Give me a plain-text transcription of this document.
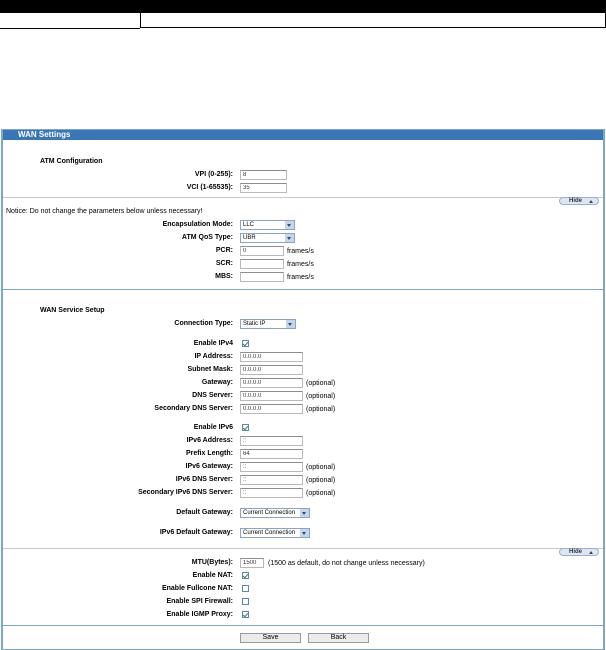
WAN Settings
ATM Configuration
VPI (0-255):
8
VCI (1-65535):
35
Hide
Notice: Do not change the parameters below unless necessary!
Encapsulation Mode:	LLC
ATM QoS Type:	UBR
PCR:
0	frames/s
SCR:	frames/s
MBS:	frames/s
WAN Service Setup
Connection Type:	Static IP
Enable IPv4
IP Address:
0.0.0.0
Subnet Mask:
0.0.0.0
Gateway:
0.0.0.0	(optional)
DNS Server:
0.0.0.0	(optional)
Secondary DNS Server:
0.0.0.0	(optional)
Enable IPv6
IPv6 Address:
::
Prefix Length:
64
IPv6 Gateway:
::	(optional)
IPv6 DNS Server:
::	(optional)
Secondary IPv6 DNS Server:
::	(optional)
Default Gateway:	Current Connection
IPv6 Default Gateway:	Current Connection
Hide
MTU(Bytes):
1500	(1500 as default, do not change unless necessary)
Enable NAT:
Enable Fullcone NAT:
Enable SPI Firewall:
Enable IGMP Proxy:
Save	Back
